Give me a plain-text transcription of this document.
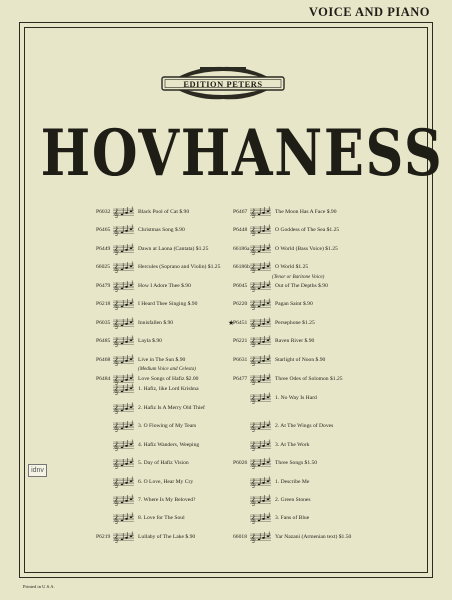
VOICE AND PIANO
EDITION PETERS
HOVHANESS
P6032 𝄞	Black Pool of Cat $.90
P6465 𝄞	Christmas Song $.90
P6449 𝄞	Dawn at Laona (Cantata) $1.25
66025 𝄞	Hercules (Soprano and Violin) $1.25
P6479 𝄞	How I Adore Thee $.90
P6218 𝄞	I Heard Thee Singing $.90
P6035 𝄞	Innisfallen $.90
P6485 𝄞	Layla $.90
P6468 𝄞	Live in The Sun $.90
P6484 𝄞	Love Songs of Hafiz $2.00
𝄞	1. Hafiz, like Lord Krishna
𝄞	2. Hafiz Is A Merry Old Thief
𝄞	3. O Flowing of My Tears
𝄞	4. Hafiz Wanders, Weeping
𝄞	5. Day of Hafiz Vision
𝄞	6. O Love, Hear My Cry
𝄞	7. Where Is My Beloved?
𝄞	8. Love for The Soul
P6219 𝄞	Lullaby of The Lake $.90
P6467 𝄞	The Moon Has A Face $.90
P6448 𝄞	O Goddess of The Sea $1.25
66186a 𝄞	O World (Bass Voice) $1.25
66186b 𝄞	O World $1.25
P6045 𝄞	Out of The Depths $.90
P6220 𝄞	Pagan Saint $.90
★
P6451 𝄞	Persephone $1.25
P6221 𝄞	Raven River $.90
P6631 𝄞	Starlight of Noon $.90
P6477 𝄞	Three Odes of Solomon $1.25
𝄞	1. No Way Is Hard
𝄞	2. At The Wings of Doves
𝄞	3. At The Work
P6026 𝄞	Three Songs $1.50
𝄞	1. Describe Me
𝄞	2. Green Stones
𝄞	3. Fans of Blue
66018 𝄞	Yar Nazani (Armenian text) $1.50
(Medium Voice and Celesta)
(Tenor or Baritone Voice)
idnv
Printed in U.S.A.
